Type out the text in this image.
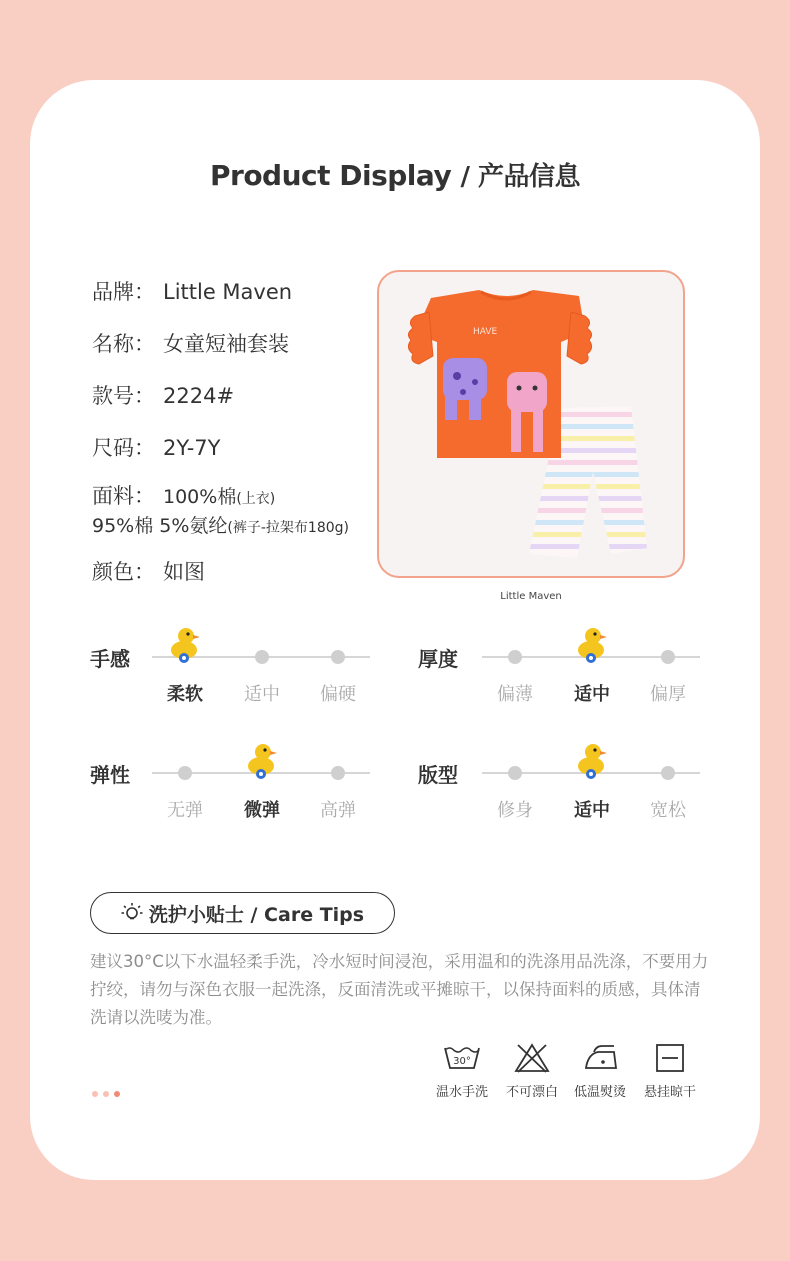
Product Display / 产品信息
品牌： Little Maven
名称： 女童短袖套装
款号： 2224#
尺码： 2Y-7Y
面料： 100%棉(上衣)
95%棉 5%氨纶(裤子-拉架布180g)
颜色： 如图
HAVE
Little Maven
手感
柔软	适中	偏硬
厚度
偏薄	适中	偏厚
弹性
无弹	微弹	高弹
版型
修身	适中	宽松
洗护小贴士 / Care Tips
建议30°C以下水温轻柔手洗，冷水短时间浸泡，采用温和的洗涤用品洗涤，不要用力拧绞，请勿与深色衣服一起洗涤，反面清洗或平摊晾干，以保持面料的质感，具体清洗请以洗唛为准。
30°
温水手洗	不可漂白	低温熨烫	悬挂晾干
